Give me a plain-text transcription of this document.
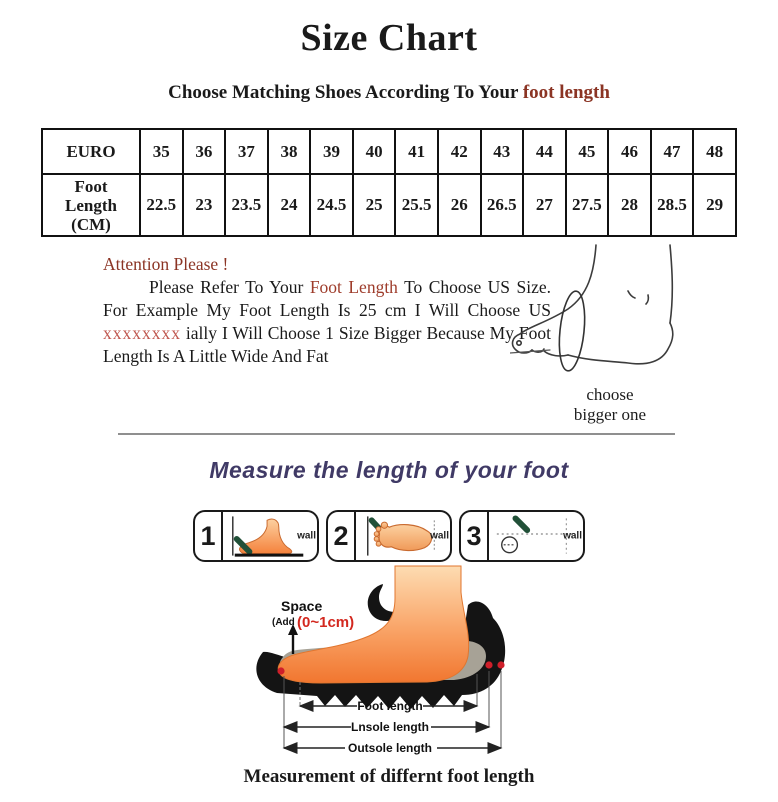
Size Chart
Choose Matching Shoes According To Your foot length
EURO	35	36	37	38	39	40	41	42	43	44	45	46	47	48
Foot Length (CM)	22.5	23	23.5	24	24.5	25	25.5	26	26.5	27	27.5	28	28.5	29

Attention Please !

Please Refer To Your Foot Length To Choose US Size. For Example My Foot Length Is 25 cm I Will Choose US xxxxxxxx ially I Will Choose 1 Size Bigger Because My Foot Length Is A Little Wide And Fat

choose
bigger one
Measure the length of your foot
1	wall 2	wall 3	wall
Space
(Add (0~1cm)
Foot length
Lnsole length
Outsole length

Measurement of differnt foot length
